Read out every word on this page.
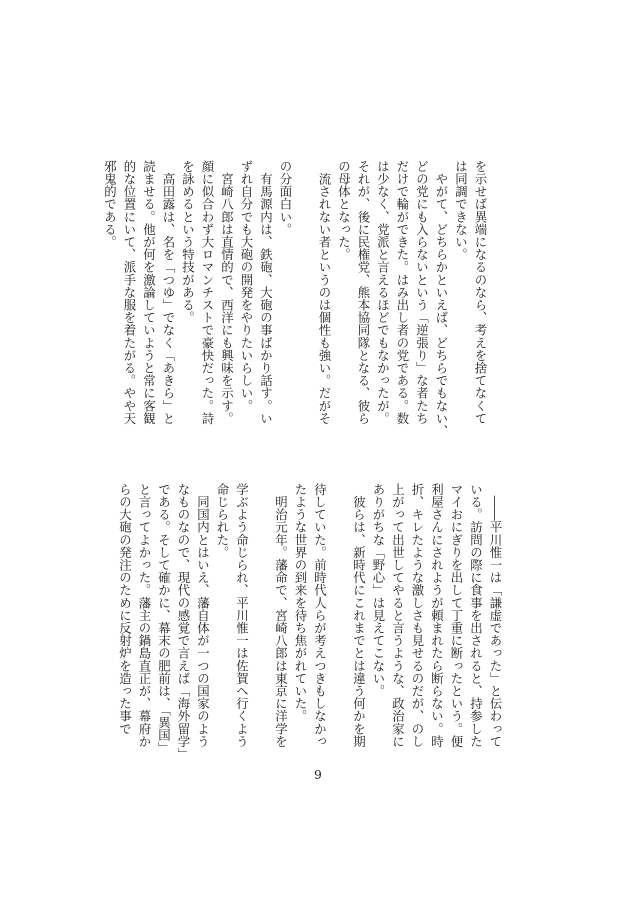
を示せば異端になるのなら、考えを捨てなくて

は同調できない。

　やがて、どちらかといえば、どちらでもない、

どの党にも入らないという「逆張り」な者たち

だけで輪ができた。はみ出し者の党である。数

は少なく、党派と言えるほどでもなかったが。

それが、後に民権党、熊本協同隊となる、彼ら

の母体となった。

　流されない者というのは個性も強い。だがそ

の分面白い。

　有馬源内は、鉄砲、大砲の事ばかり話す。い

ずれ自分でも大砲の開発をやりたいらしい。

　宮崎八郎は直情的で、西洋にも興味を示す。

顔に似合わず大ロマンチストで豪快だった。詩

を詠めるという特技がある。

　高田露は、名を「つゆ」でなく「あきら」と

読ませる。他が何を激論していようと常に客観

的な位置にいて、派手な服を着たがる。やや天

邪鬼的である。

　――平川惟一は「謙虚であった」と伝わって

いる。訪問の際に食事を出されると、持参した

マイおにぎりを出して丁重に断ったという。便

利屋さんにされようが頼まれたら断らない。時

折、キレたような激しさも見せるのだが、のし

上がって出世してやると言うような、政治家に

ありがちな「野心」は見えてこない。

　彼らは、新時代にこれまでとは違う何かを期

待していた。前時代人らが考えつきもしなかっ

たような世界の到来を待ち焦がれていた。

　明治元年。藩命で、宮崎八郎は東京に洋学を

学ぶよう命じられ、平川惟一は佐賀へ行くよう

命じられた。

　同国内とはいえ、藩自体が一つの国家のよう

なものなので、現代の感覚で言えば「海外留学」

である。そして確かに、幕末の肥前は、「異国」

と言ってよかった。藩主の鍋島直正が、幕府か

らの大砲の発注のために反射炉を造った事で

9
